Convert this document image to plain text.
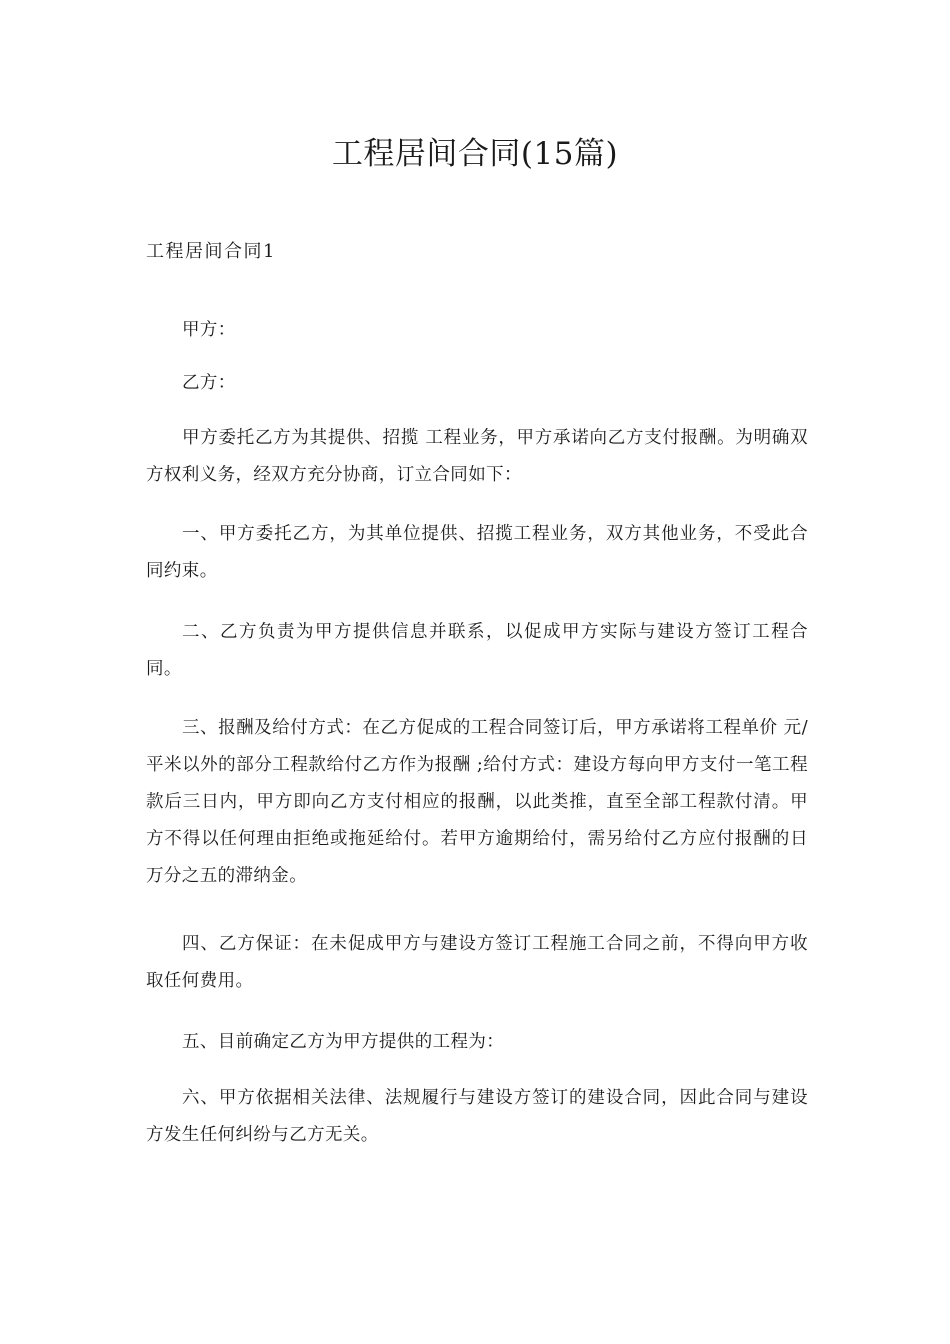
工程居间合同(15篇)
工程居间合同1

甲方：

乙方：

甲方委托乙方为其提供、招揽 工程业务，甲方承诺向乙方支付报酬。为明确双方权利义务，经双方充分协商，订立合同如下：

一、甲方委托乙方，为其单位提供、招揽工程业务，双方其他业务，不受此合同约束。

二、乙方负责为甲方提供信息并联系，以促成甲方实际与建设方签订工程合同。

三、报酬及给付方式：在乙方促成的工程合同签订后，甲方承诺将工程单价 元/平米以外的部分工程款给付乙方作为报酬 ;给付方式：建设方每向甲方支付一笔工程款后三日内，甲方即向乙方支付相应的报酬，以此类推，直至全部工程款付清。甲方不得以任何理由拒绝或拖延给付。若甲方逾期给付，需另给付乙方应付报酬的日万分之五的滞纳金。

四、乙方保证：在未促成甲方与建设方签订工程施工合同之前，不得向甲方收取任何费用。

五、目前确定乙方为甲方提供的工程为：

六、甲方依据相关法律、法规履行与建设方签订的建设合同，因此合同与建设方发生任何纠纷与乙方无关。
